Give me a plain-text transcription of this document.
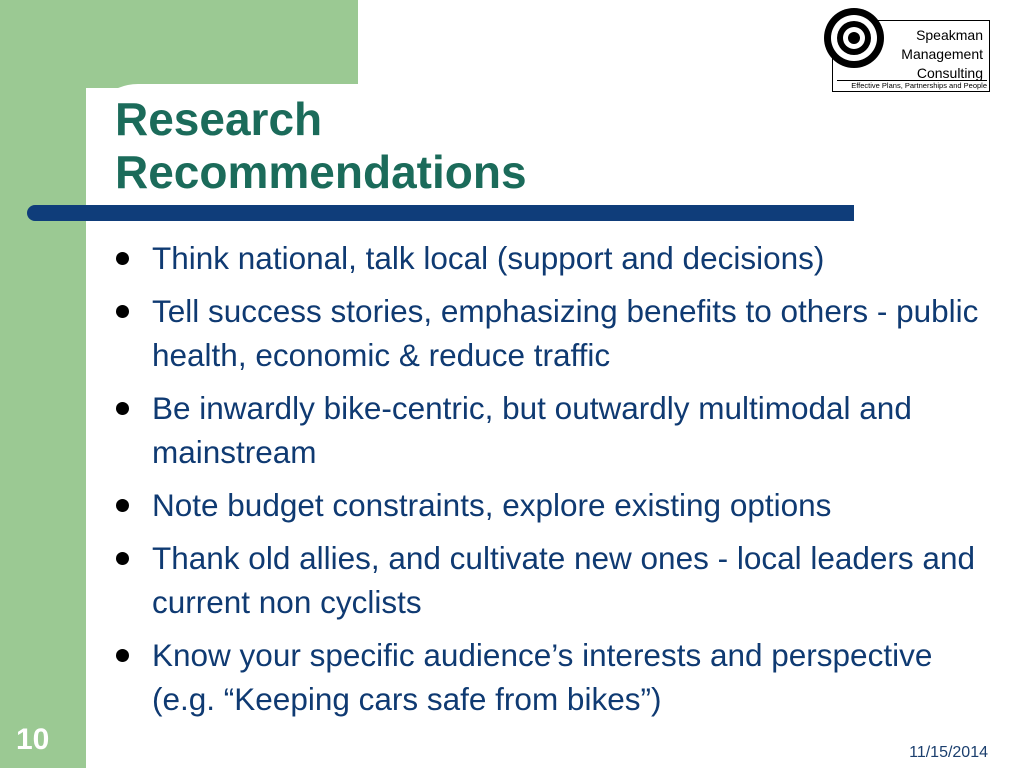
Research
Recommendations
Think national, talk local (support and decisions)
Tell success stories, emphasizing benefits to others - public health, economic & reduce traffic
Be inwardly bike-centric, but outwardly multimodal and mainstream
Note budget constraints, explore existing options
Thank old allies, and cultivate new ones - local leaders and current non cyclists
Know your specific audience’s interests and perspective (e.g. “Keeping cars safe from bikes”)
Speakman
Management
Consulting
Effective Plans, Partnerships and People
10	11/15/2014
